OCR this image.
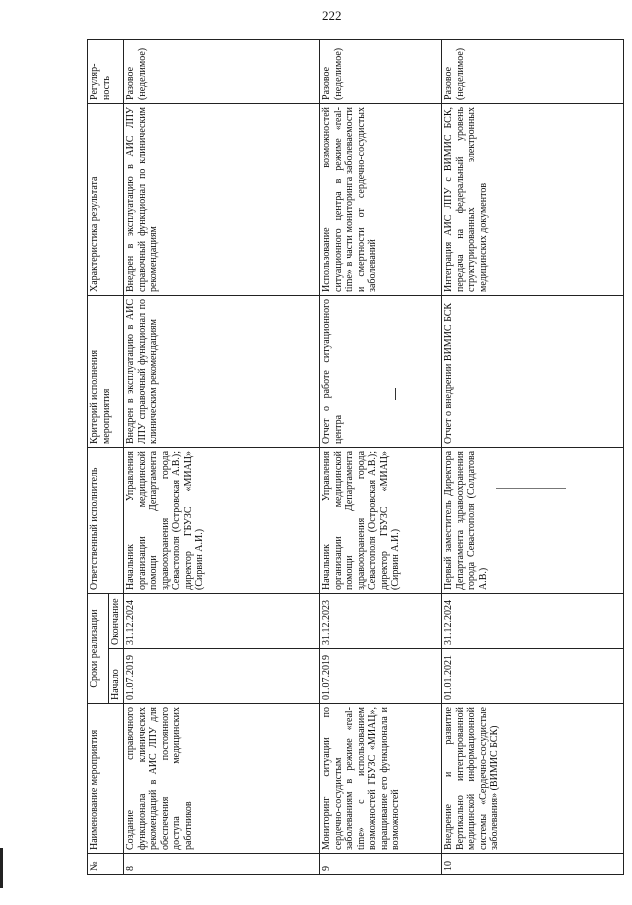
222
№	Наименование мероприятия	Сроки реализации		Ответственный исполнитель	Критерий исполнения мероприятия	Характеристика результата	Регуляр-ность
		Начало	Окончание				
8	Создание справочного функционала клинических рекомендаций в АИС ЛПУ для обеспечения постоянного доступа медицинских работников	01.07.2019	31.12.2024	Начальник Управления организации медицинской помощи Департамента здравоохранения города Севастополя (Островская А.В.); директор ГБУЗС «МИАЦ» (Сирвин А.И.)	Внедрен в эксплуатацию в АИС ЛПУ справочный функционал по клиническим рекомендациям	Внедрен в эксплуатацию в АИС ЛПУ справочный функционал по клиническим рекомендациям	Разовое (неделимое)
9	Мониторинг ситуации по сердечно-сосудистым заболеваниям в режиме «real-time» с использованием возможностей ГБУЗС «МИАЦ», наращивание его функционала и возможностей	01.07.2019	31.12.2023	Начальник Управления организации медицинской помощи Департамента здравоохранения города Севастополя (Островская А.В.); директор ГБУЗС «МИАЦ» (Сирвин А.И.)	Отчет о работе ситуационного центра	Использование возможностей ситуационного центра в режиме «real-time» в части мониторинга заболеваемости и смертности от сердечно-сосудистых заболеваний	Разовое (неделимое)
10	Внедрение и развитие Вертикально интегрированной медицинской информационной системы «Сердечно-сосудистые заболевания» (ВИМИС БСК)	01.01.2021	31.12.2024	Первый заместитель Директора Департамента здравоохранения города Севастополя (Солдатова А.В.)	Отчет о внедрении ВИМИС БСК	Интеграция АИС ЛПУ с ВИМИС БСК, передача на федеральный уровень структурированных электронных медицинских документов	Разовое (неделимое)
